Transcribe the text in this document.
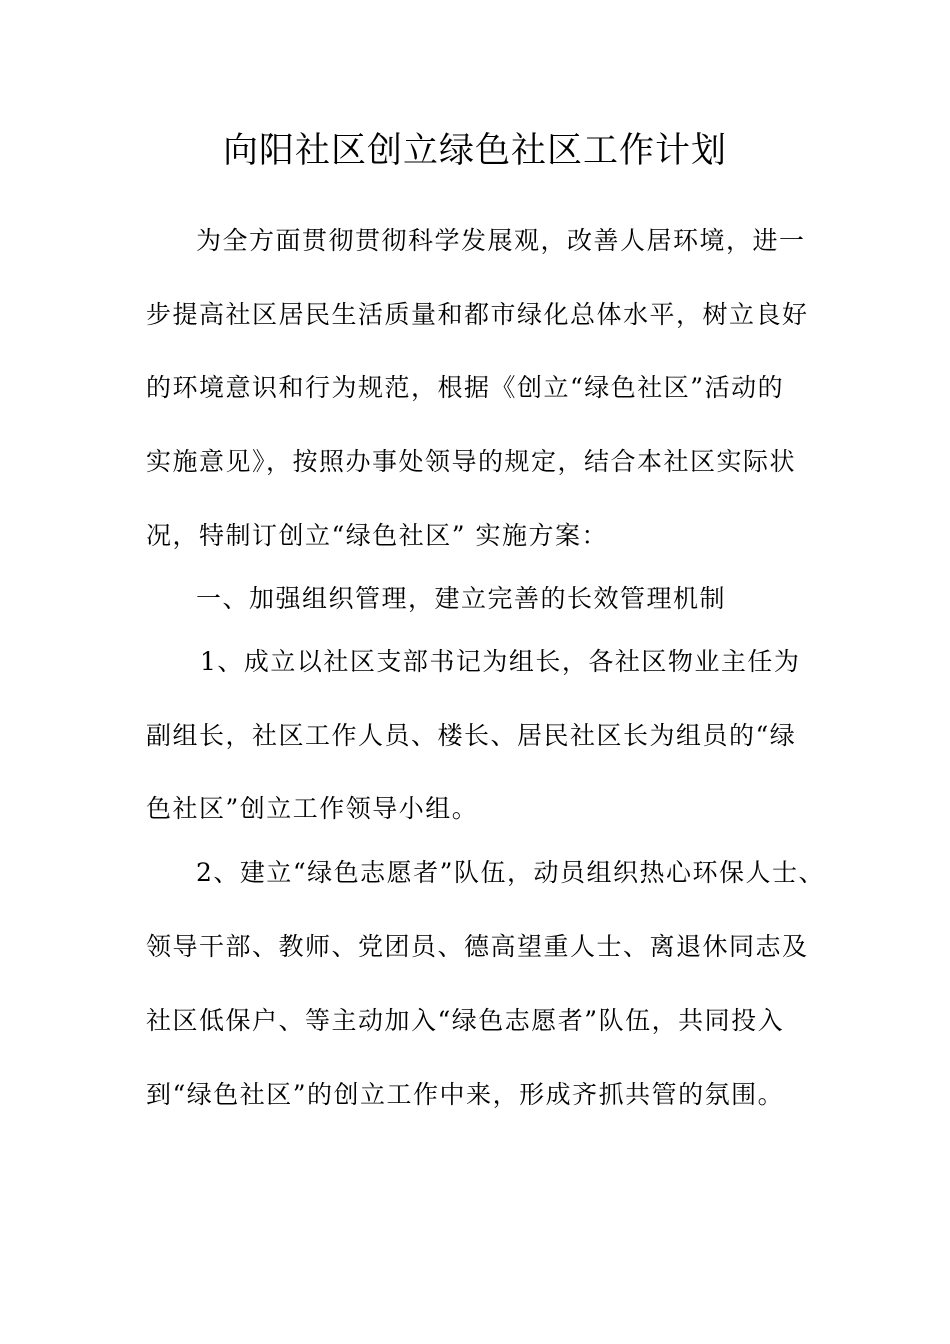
向阳社区创立绿色社区工作计划
为全方面贯彻贯彻科学发展观，改善人居环境，进一
步提高社区居民生活质量和都市绿化总体水平，树立良好
的环境意识和行为规范，根据《创立“绿色社区”活动的
实施意见》，按照办事处领导的规定，结合本社区实际状
况，特制订创立“绿色社区” 实施方案：
一、加强组织管理，建立完善的长效管理机制
1、成立以社区支部书记为组长，各社区物业主任为
副组长，社区工作人员、楼长、居民社区长为组员的“绿
色社区”创立工作领导小组。
2、建立“绿色志愿者”队伍，动员组织热心环保人士、
领导干部、教师、党团员、德高望重人士、离退休同志及
社区低保户、等主动加入“绿色志愿者”队伍，共同投入
到“绿色社区”的创立工作中来，形成齐抓共管的氛围。
